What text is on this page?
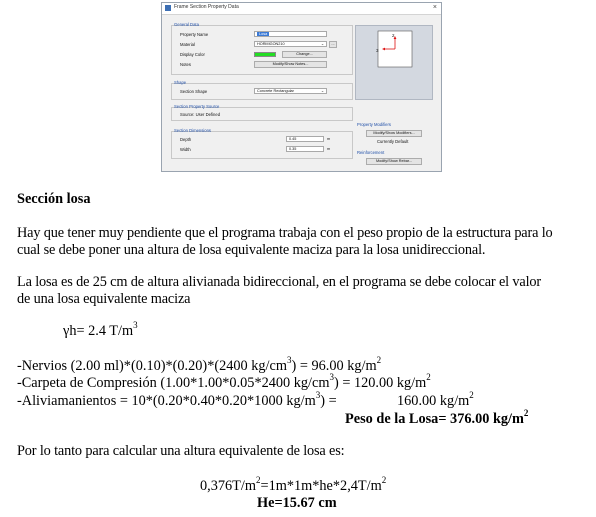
Frame Section Property Data	×
General Data
Property Name	Losa
Material	HORMIGON210	⌄	...
Display Color	Change...
Notes	Modify/Show Notes...
Shape
Section Shape	Concrete Rectangular	⌄
Section Property Source
Source: User Defined
Section Dimensions
Depth	0.45	m
Width	0.35	m
2
3
Property Modifiers
Modify/Show Modifiers...
Currently Default
Reinforcement
Modify/Show Rebar...
Sección losa
Hay que tener muy pendiente que el programa trabaja con el peso propio de la estructura para lo
cual se debe poner una altura de losa equivalente maciza para la losa unidireccional.
La losa es de 25 cm de altura alivianada bidireccional, en el programa se debe colocar el valor
de una losa equivalente maciza
γh= 2.4 $T/m^3$
-Nervios (2.00 ml)*(0.10)*(0.20)*(2400 $kg/cm^3) = 96.00$ $kg/m^2$
-Carpeta de Compresión (1.00*1.00*0.05*2400 $kg/cm^3) = 120.00$ $kg/m^2$
-Aliviamanientos = 10*(0.20*0.40*0.20*1000 $kg/m^3$) =	160.00 $kg/m^2$
Peso de la Losa= 376.00 $kg/m^2$
Por lo tanto para calcular una altura equivalente de losa es:
$0,376T/m^2=1m*1m*he*2,4T/m^2$
He=15.67 cm
